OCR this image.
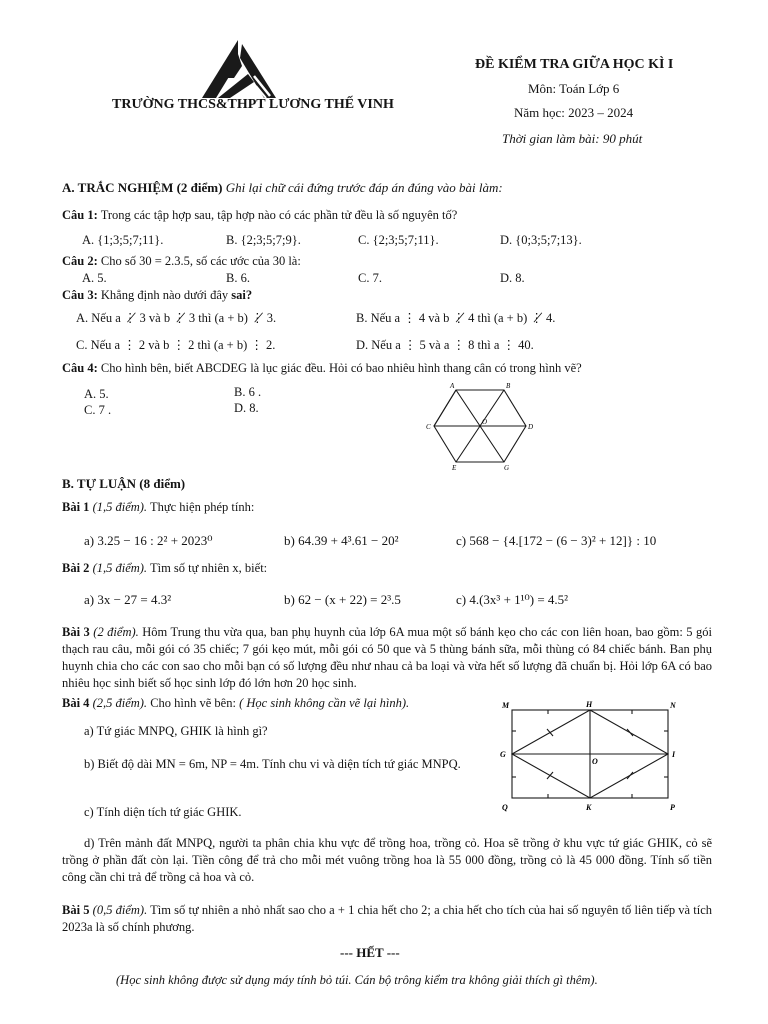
TRƯỜNG THCS&THPT LƯƠNG THẾ VINH
ĐỀ KIỂM TRA GIỮA HỌC KÌ I
Môn: Toán Lớp 6
Năm học: 2023 – 2024
Thời gian làm bài: 90 phút
A. TRẮC NGHIỆM (2 điểm) Ghi lại chữ cái đứng trước đáp án đúng vào bài làm:
Câu 1: Trong các tập hợp sau, tập hợp nào có các phần tử đều là số nguyên tố?
A. {1;3;5;7;11}.	B. {2;3;5;7;9}.	C. {2;3;5;7;11}.	D. {0;3;5;7;13}.
Câu 2: Cho số 30 = 2.3.5, số các ước của 30 là:
A. 5.	B. 6.	C. 7.	D. 8.
Câu 3: Khẳng định nào dưới đây sai?
A. Nếu a ⋮̸ 3 và b ⋮̸ 3 thì (a + b) ⋮̸ 3.	B. Nếu a ⋮ 4 và b ⋮̸ 4 thì (a + b) ⋮̸ 4.
C. Nếu a ⋮ 2 và b ⋮ 2 thì (a + b) ⋮ 2.	D. Nếu a ⋮ 5 và a ⋮ 8 thì a ⋮ 40.
Câu 4: Cho hình bên, biết ABCDEG là lục giác đều. Hỏi có bao nhiêu hình thang cân có trong hình vẽ?
A. 5.	B. 6 .
C. 7 .	D. 8.
A	B
C	D
E	G
O
B. TỰ LUẬN (8 điểm)
Bài 1 (1,5 điểm). Thực hiện phép tính:
a) 3.25 − 16 : 2² + 2023⁰	b) 64.39 + 4³.61 − 20²	c) 568 − {4.[172 − (6 − 3)² + 12]} : 10
Bài 2 (1,5 điểm). Tìm số tự nhiên x, biết:
a) 3x − 27 = 4.3²	b) 62 − (x + 22) = 2³.5	c) 4.(3x³ + 1¹⁰) = 4.5²
Bài 3 (2 điểm). Hôm Trung thu vừa qua, ban phụ huynh của lớp 6A mua một số bánh kẹo cho các con liên hoan, bao gồm: 5 gói thạch rau câu, mỗi gói có 35 chiếc; 7 gói kẹo mút, mỗi gói có 50 que và 5 thùng bánh sữa, mỗi thùng có 84 chiếc bánh. Ban phụ huynh chia cho các con sao cho mỗi bạn có số lượng đều như nhau cả ba loại và vừa hết số lượng đã chuẩn bị. Hỏi lớp 6A có bao nhiêu học sinh biết số học sinh lớp đó lớn hơn 20 học sinh.
Bài 4 (2,5 điểm). Cho hình vẽ bên: ( Học sinh không cần vẽ lại hình).
a) Tứ giác MNPQ, GHIK là hình gì?
b) Biết độ dài MN = 6m, NP = 4m. Tính chu vi và diện tích tứ giác MNPQ.
c) Tính diện tích tứ giác GHIK.
d) Trên mảnh đất MNPQ, người ta phân chia khu vực để trồng hoa, trồng cỏ. Hoa sẽ trồng ở khu vực tứ giác GHIK, cỏ sẽ trồng ở phần đất còn lại. Tiền công để trả cho mỗi mét vuông trồng hoa là 55 000 đồng, trồng cỏ là 45 000 đồng. Tính số tiền công cần chi trả để trồng cả hoa và cỏ.
M	H	N
G
O
I
Q	K	P
Bài 5 (0,5 điểm). Tìm số tự nhiên a nhỏ nhất sao cho a + 1 chia hết cho 2; a chia hết cho tích của hai số nguyên tố liên tiếp và tích 2023a là số chính phương.
--- HẾT ---
(Học sinh không được sử dụng máy tính bỏ túi. Cán bộ trông kiểm tra không giải thích gì thêm).
